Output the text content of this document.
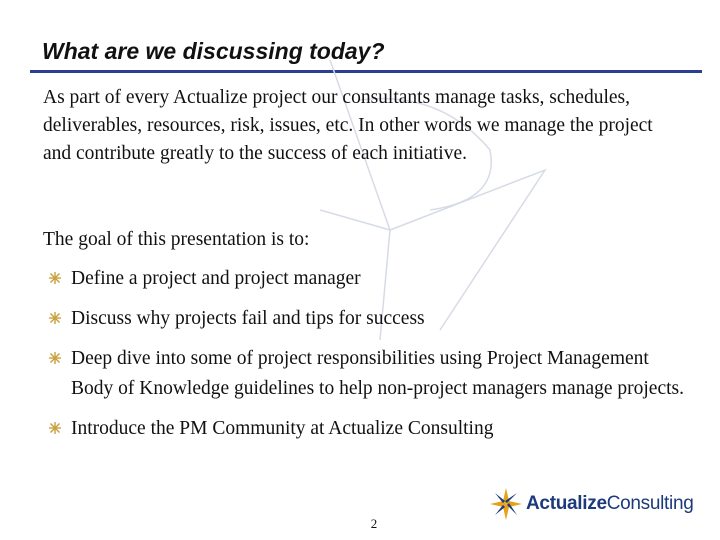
What are we discussing today?

As part of every Actualize project our consultants manage tasks, schedules, deliverables, resources, risk, issues, etc. In other words we manage the project and contribute greatly to the success of each initiative.

The goal of this presentation is to:

Define a project and project manager
Discuss why projects fail and tips for success
Deep dive into some of project responsibilities using Project Management Body of Knowledge guidelines to help non-project managers manage projects.
Introduce the PM Community at Actualize Consulting
ActualizeConsulting
2
